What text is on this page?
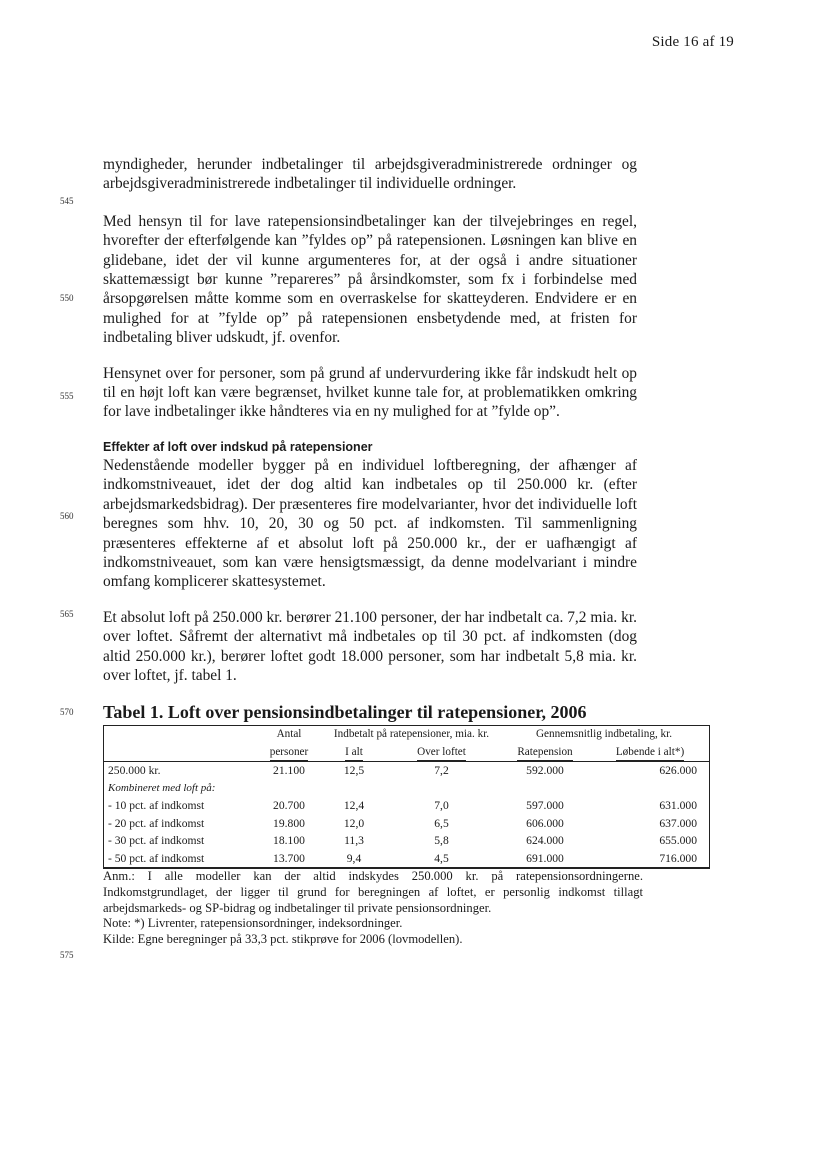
Side 16 af 19
545
550
555
560
565
570
575

myndigheder, herunder indbetalinger til arbejdsgiveradministrerede ordninger og arbejdsgiveradministrerede indbetalinger til individuelle ordninger.

Med hensyn til for lave ratepensionsindbetalinger kan der tilvejebringes en regel, hvorefter der efterfølgende kan ”fyldes op” på ratepensionen. Løsningen kan blive en glidebane, idet der vil kunne argumenteres for, at der også i andre situationer skattemæssigt bør kunne ”repareres” på årsindkomster, som fx i forbindelse med årsopgørelsen måtte komme som en overraskelse for skatteyderen. Endvidere er en mulighed for at ”fylde op” på ratepensionen ensbetydende med, at fristen for indbetaling bliver udskudt, jf. ovenfor.

Hensynet over for personer, som på grund af undervurdering ikke får indskudt helt op til en højt loft kan være begrænset, hvilket kunne tale for, at problematikken omkring for lave indbetalinger ikke håndteres via en ny mulighed for at ”fylde op”.

Effekter af loft over indskud på ratepensioner

Nedenstående modeller bygger på en individuel loftberegning, der afhænger af indkomstniveauet, idet der dog altid kan indbetales op til 250.000 kr. (efter arbejdsmarkedsbidrag). Der præsenteres fire modelvarianter, hvor det individuelle loft beregnes som hhv. 10, 20, 30 og 50 pct. af indkomsten. Til sammenligning præsenteres effekterne af et absolut loft på 250.000 kr., der er uafhængigt af indkomstniveauet, som kan være hensigtsmæssigt, da denne modelvariant i mindre omfang komplicerer skattesystemet.

Et absolut loft på 250.000 kr. berører 21.100 personer, der har indbetalt ca. 7,2 mia. kr. over loftet. Såfremt der alternativt må indbetales op til 30 pct. af indkomsten (dog altid 250.000 kr.), berører loftet godt 18.000 personer, som har indbetalt 5,8 mia. kr. over loftet, jf. tabel 1.

Tabel 1. Loft over pensionsindbetalinger til ratepensioner, 2006

	Antal	Indbetalt på ratepensioner, mia. kr.		Gennemsnitlig indbetaling, kr.	
	personer	I alt	Over loftet	Ratepension	Løbende i alt*)
250.000 kr.	21.100	12,5	7,2	592.000	626.000
Kombineret med loft på:					
- 10 pct. af indkomst	20.700	12,4	7,0	597.000	631.000
- 20 pct. af indkomst	19.800	12,0	6,5	606.000	637.000
- 30 pct. af indkomst	18.100	11,3	5,8	624.000	655.000
- 50 pct. af indkomst	13.700	9,4	4,5	691.000	716.000

Anm.: I alle modeller kan der altid indskydes 250.000 kr. på ratepensionsordningerne. Indkomstgrundlaget, der ligger til grund for beregningen af loftet, er personlig indkomst tillagt arbejdsmarkeds- og SP-bidrag og indbetalinger til private pensionsordninger.

Note: *) Livrenter, ratepensionsordninger, indeksordninger.

Kilde: Egne beregninger på 33,3 pct. stikprøve for 2006 (lovmodellen).
